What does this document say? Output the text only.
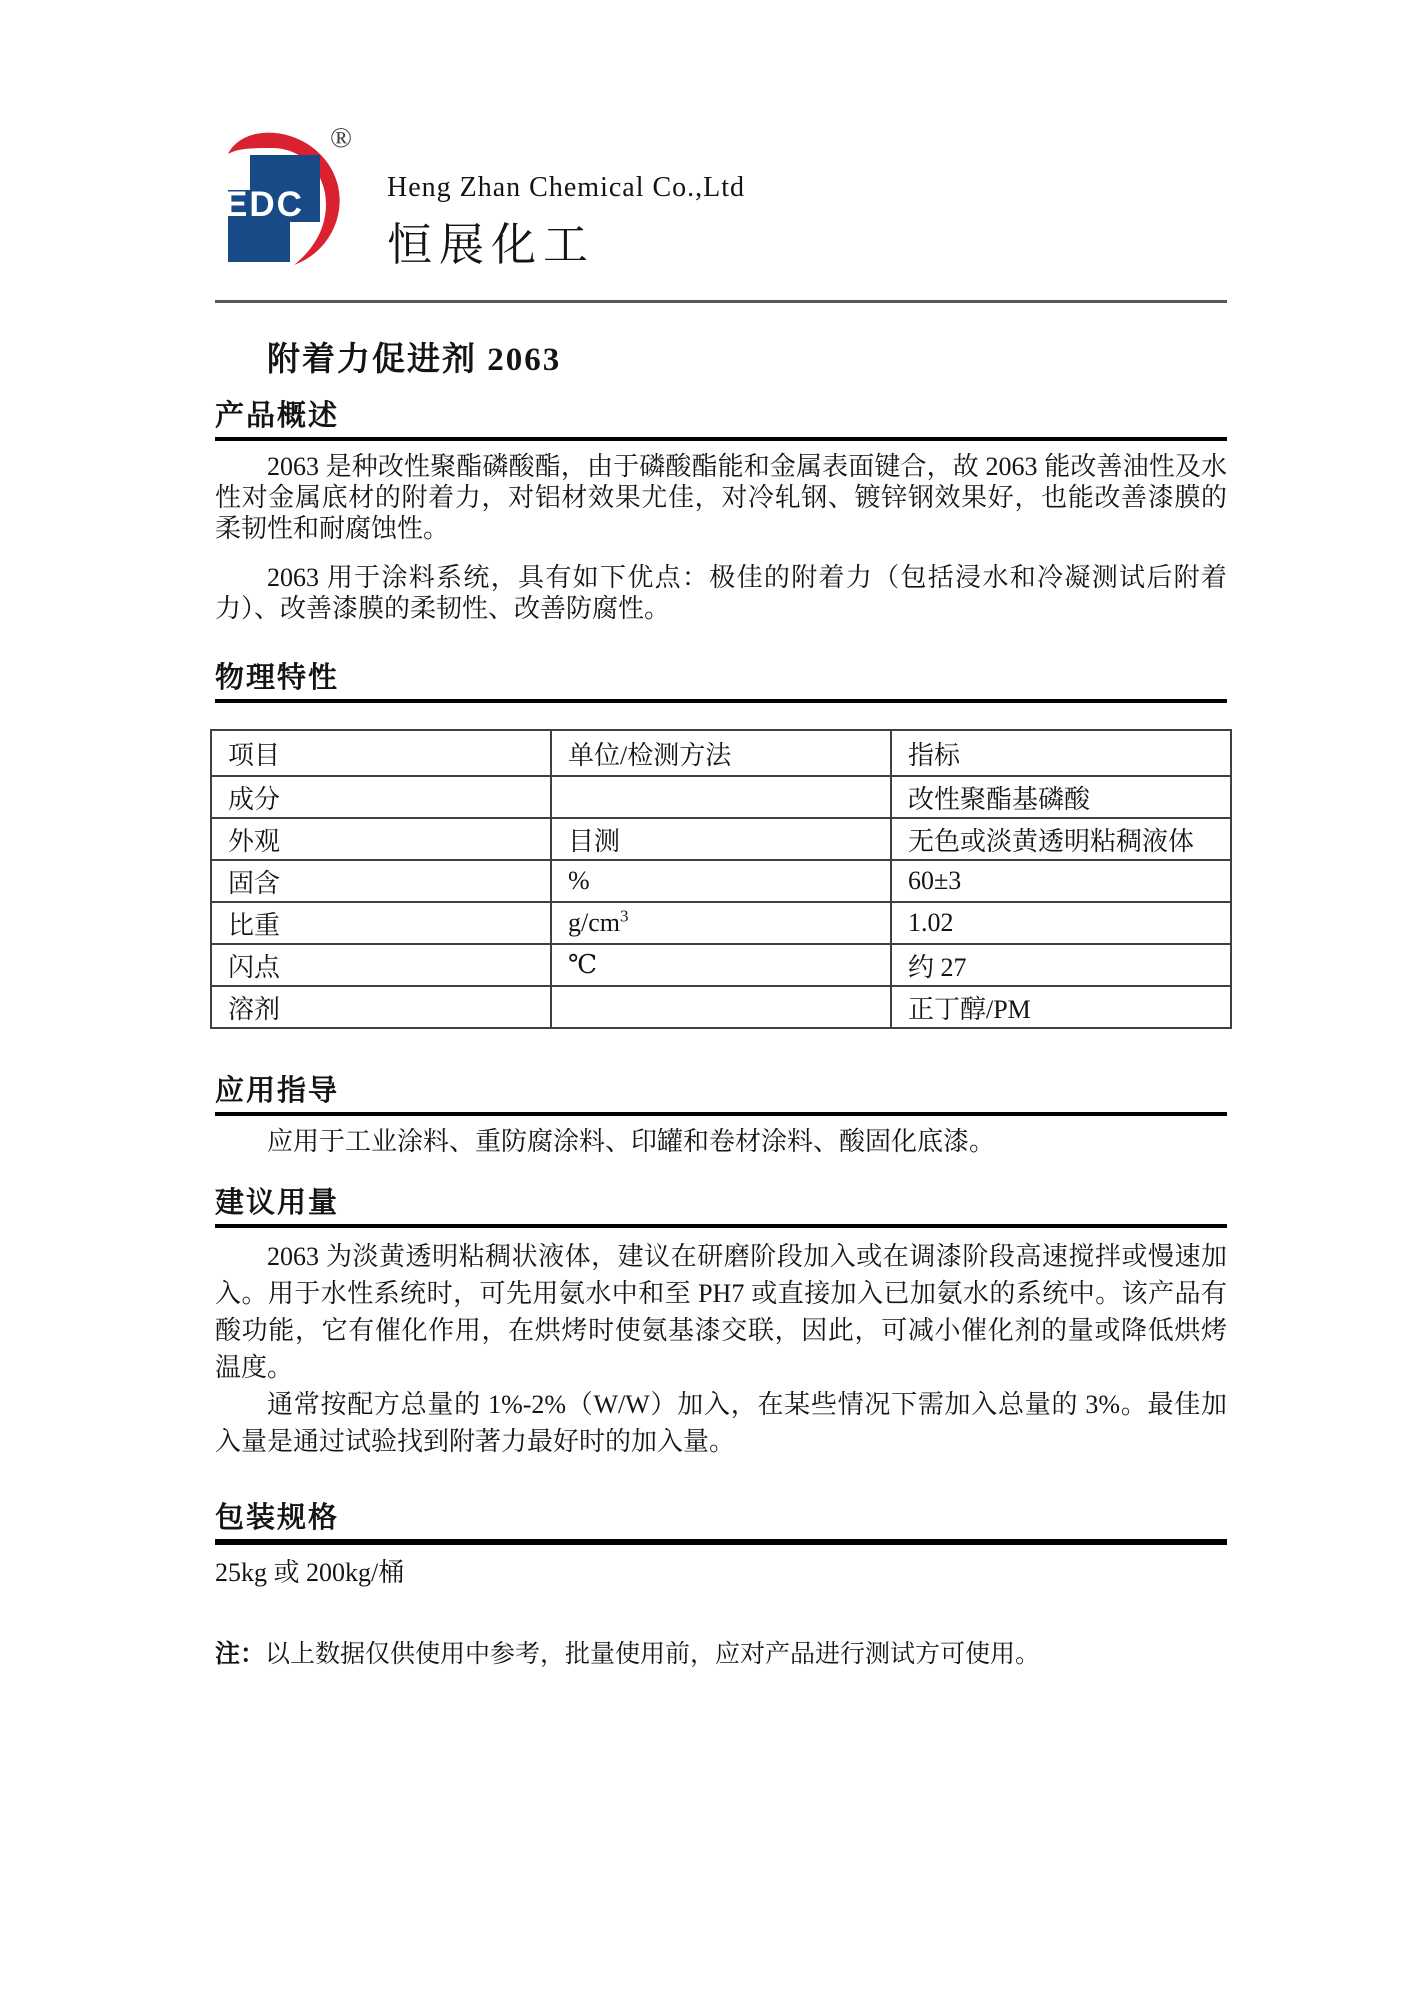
EDC
®
Heng Zhan Chemical Co.,Ltd
恒展化工
附着力促进剂 2063
产品概述

2063 是种改性聚酯磷酸酯，由于磷酸酯能和金属表面键合，故 2063 能改善油性及水性对金属底材的附着力，对铝材效果尤佳，对冷轧钢、镀锌钢效果好，也能改善漆膜的柔韧性和耐腐蚀性。

2063 用于涂料系统，具有如下优点：极佳的附着力（包括浸水和冷凝测试后附着力）、改善漆膜的柔韧性、改善防腐性。

物理特性
项目	单位/检测方法	指标
成分		改性聚酯基磷酸
外观	目测	无色或淡黄透明粘稠液体
固含	%	60±3
比重	$g/cm^3$	1.02
闪点	℃	约 27
溶剂		正丁醇/PM
应用指导

应用于工业涂料、重防腐涂料、印罐和卷材涂料、酸固化底漆。

建议用量

2063 为淡黄透明粘稠状液体，建议在研磨阶段加入或在调漆阶段高速搅拌或慢速加入。用于水性系统时，可先用氨水中和至 PH7 或直接加入已加氨水的系统中。该产品有酸功能，它有催化作用，在烘烤时使氨基漆交联，因此，可减小催化剂的量或降低烘烤温度。

通常按配方总量的 1%-2%（W/W）加入，在某些情况下需加入总量的 3%。最佳加入量是通过试验找到附著力最好时的加入量。

包装规格

25kg 或 200kg/桶

注：以上数据仅供使用中参考，批量使用前，应对产品进行测试方可使用。
